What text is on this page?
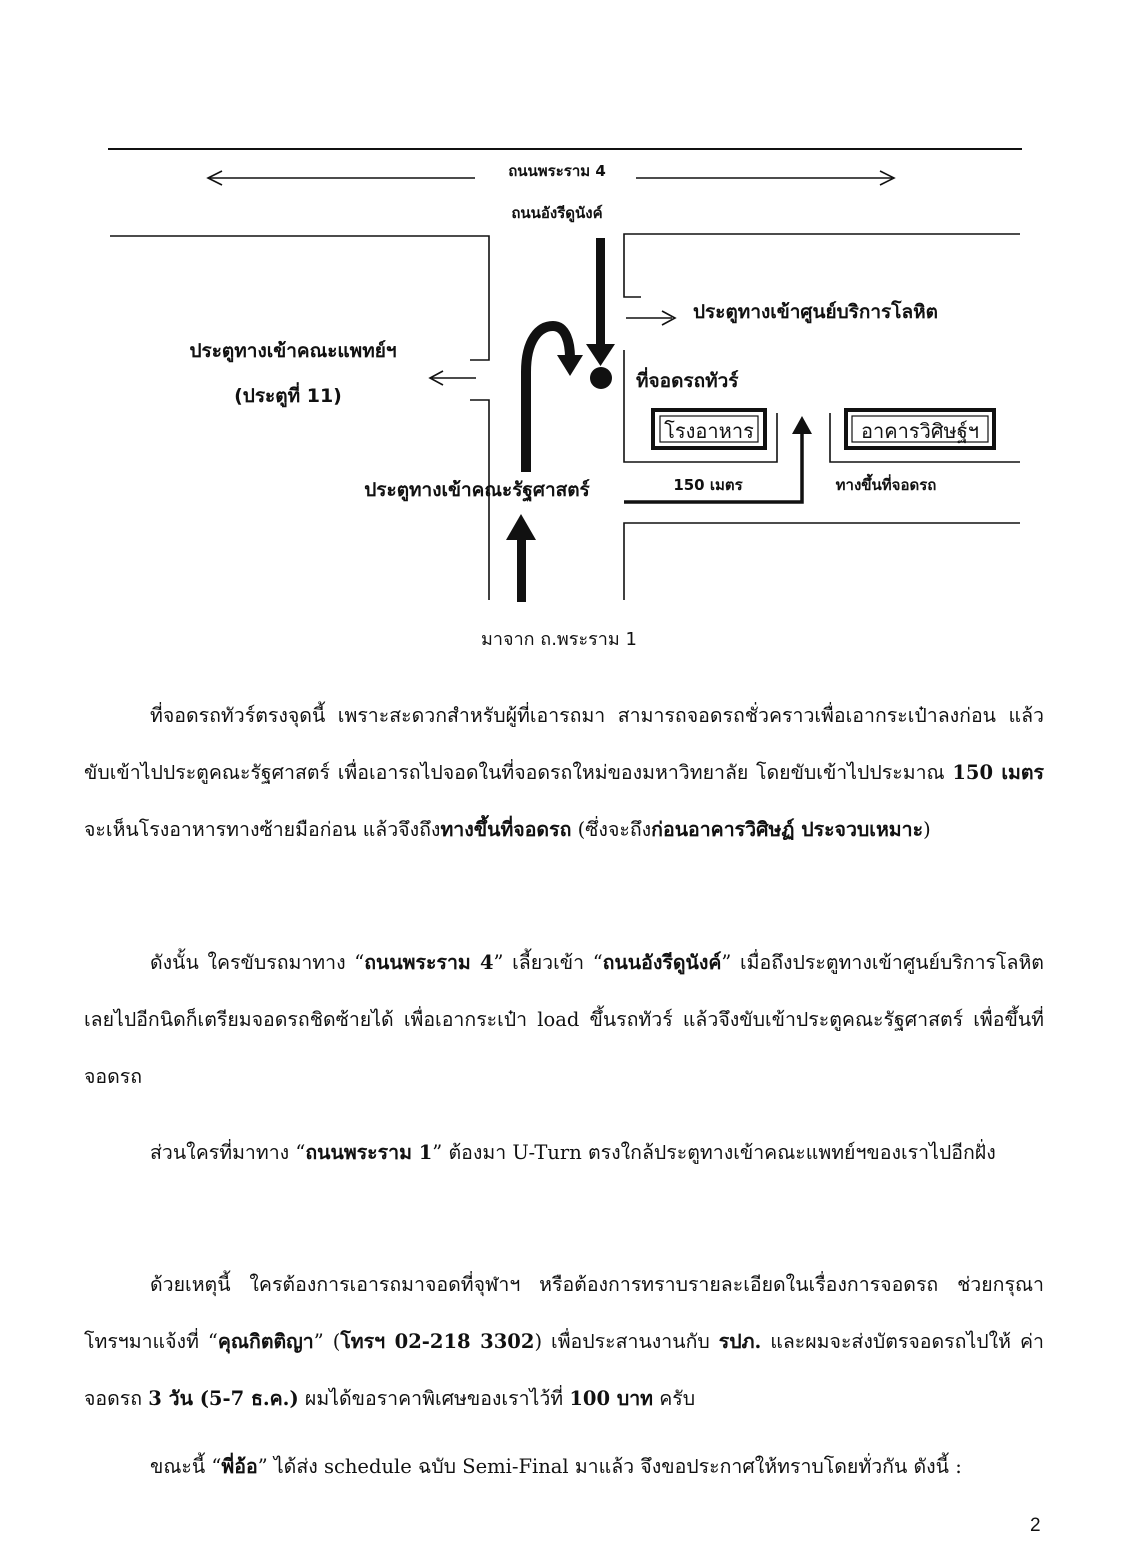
ถนนพระราม 4
ถนนอังรีดูนังค์
ประตูทางเข้าศูนย์บริการโลหิต
ประตูทางเข้าคณะแพทย์ฯ
(ประตูที่ 11)
ที่จอดรถทัวร์
โรงอาหาร	อาคารวิศิษฐ์ฯ
150 เมตร	ทางขึ้นที่จอดรถ
ประตูทางเข้าคณะรัฐศาสตร์
มาจาก ถ.พระราม 1

ที่จอดรถทัวร์ตรงจุดนี้ เพราะสะดวกสำหรับผู้ที่เอารถมา สามารถจอดรถชั่วคราวเพื่อเอากระเป๋าลงก่อน แล้วขับเข้าไปประตูคณะรัฐศาสตร์ เพื่อเอารถไปจอดในที่จอดรถใหม่ของมหาวิทยาลัย โดยขับเข้าไปประมาณ 150 เมตร จะเห็นโรงอาหารทางซ้ายมือก่อน แล้วจึงถึงทางขึ้นที่จอดรถ (ซึ่งจะถึงก่อนอาคารวิศิษฏ์ ประจวบเหมาะ)

ดังนั้น ใครขับรถมาทาง “ถนนพระราม 4” เลี้ยวเข้า “ถนนอังรีดูนังค์” เมื่อถึงประตูทางเข้าศูนย์บริการโลหิต เลยไปอีกนิดก็เตรียมจอดรถชิดซ้ายได้ เพื่อเอากระเป๋า load ขึ้นรถทัวร์ แล้วจึงขับเข้าประตูคณะรัฐศาสตร์ เพื่อขึ้นที่จอดรถ

ส่วนใครที่มาทาง “ถนนพระราม 1” ต้องมา U-Turn ตรงใกล้ประตูทางเข้าคณะแพทย์ฯของเราไปอีกฝั่ง

ด้วยเหตุนี้ ใครต้องการเอารถมาจอดที่จุฬาฯ หรือต้องการทราบรายละเอียดในเรื่องการจอดรถ ช่วยกรุณาโทรฯมาแจ้งที่ “คุณกิตติญา” (โทรฯ 02-218 3302) เพื่อประสานงานกับ รปภ. และผมจะส่งบัตรจอดรถไปให้ ค่าจอดรถ 3 วัน (5-7 ธ.ค.) ผมได้ขอราคาพิเศษของเราไว้ที่ 100 บาท ครับ

ขณะนี้ “พี่อ้อ” ได้ส่ง schedule ฉบับ Semi-Final มาแล้ว จึงขอประกาศให้ทราบโดยทั่วกัน ดังนี้ :

2
